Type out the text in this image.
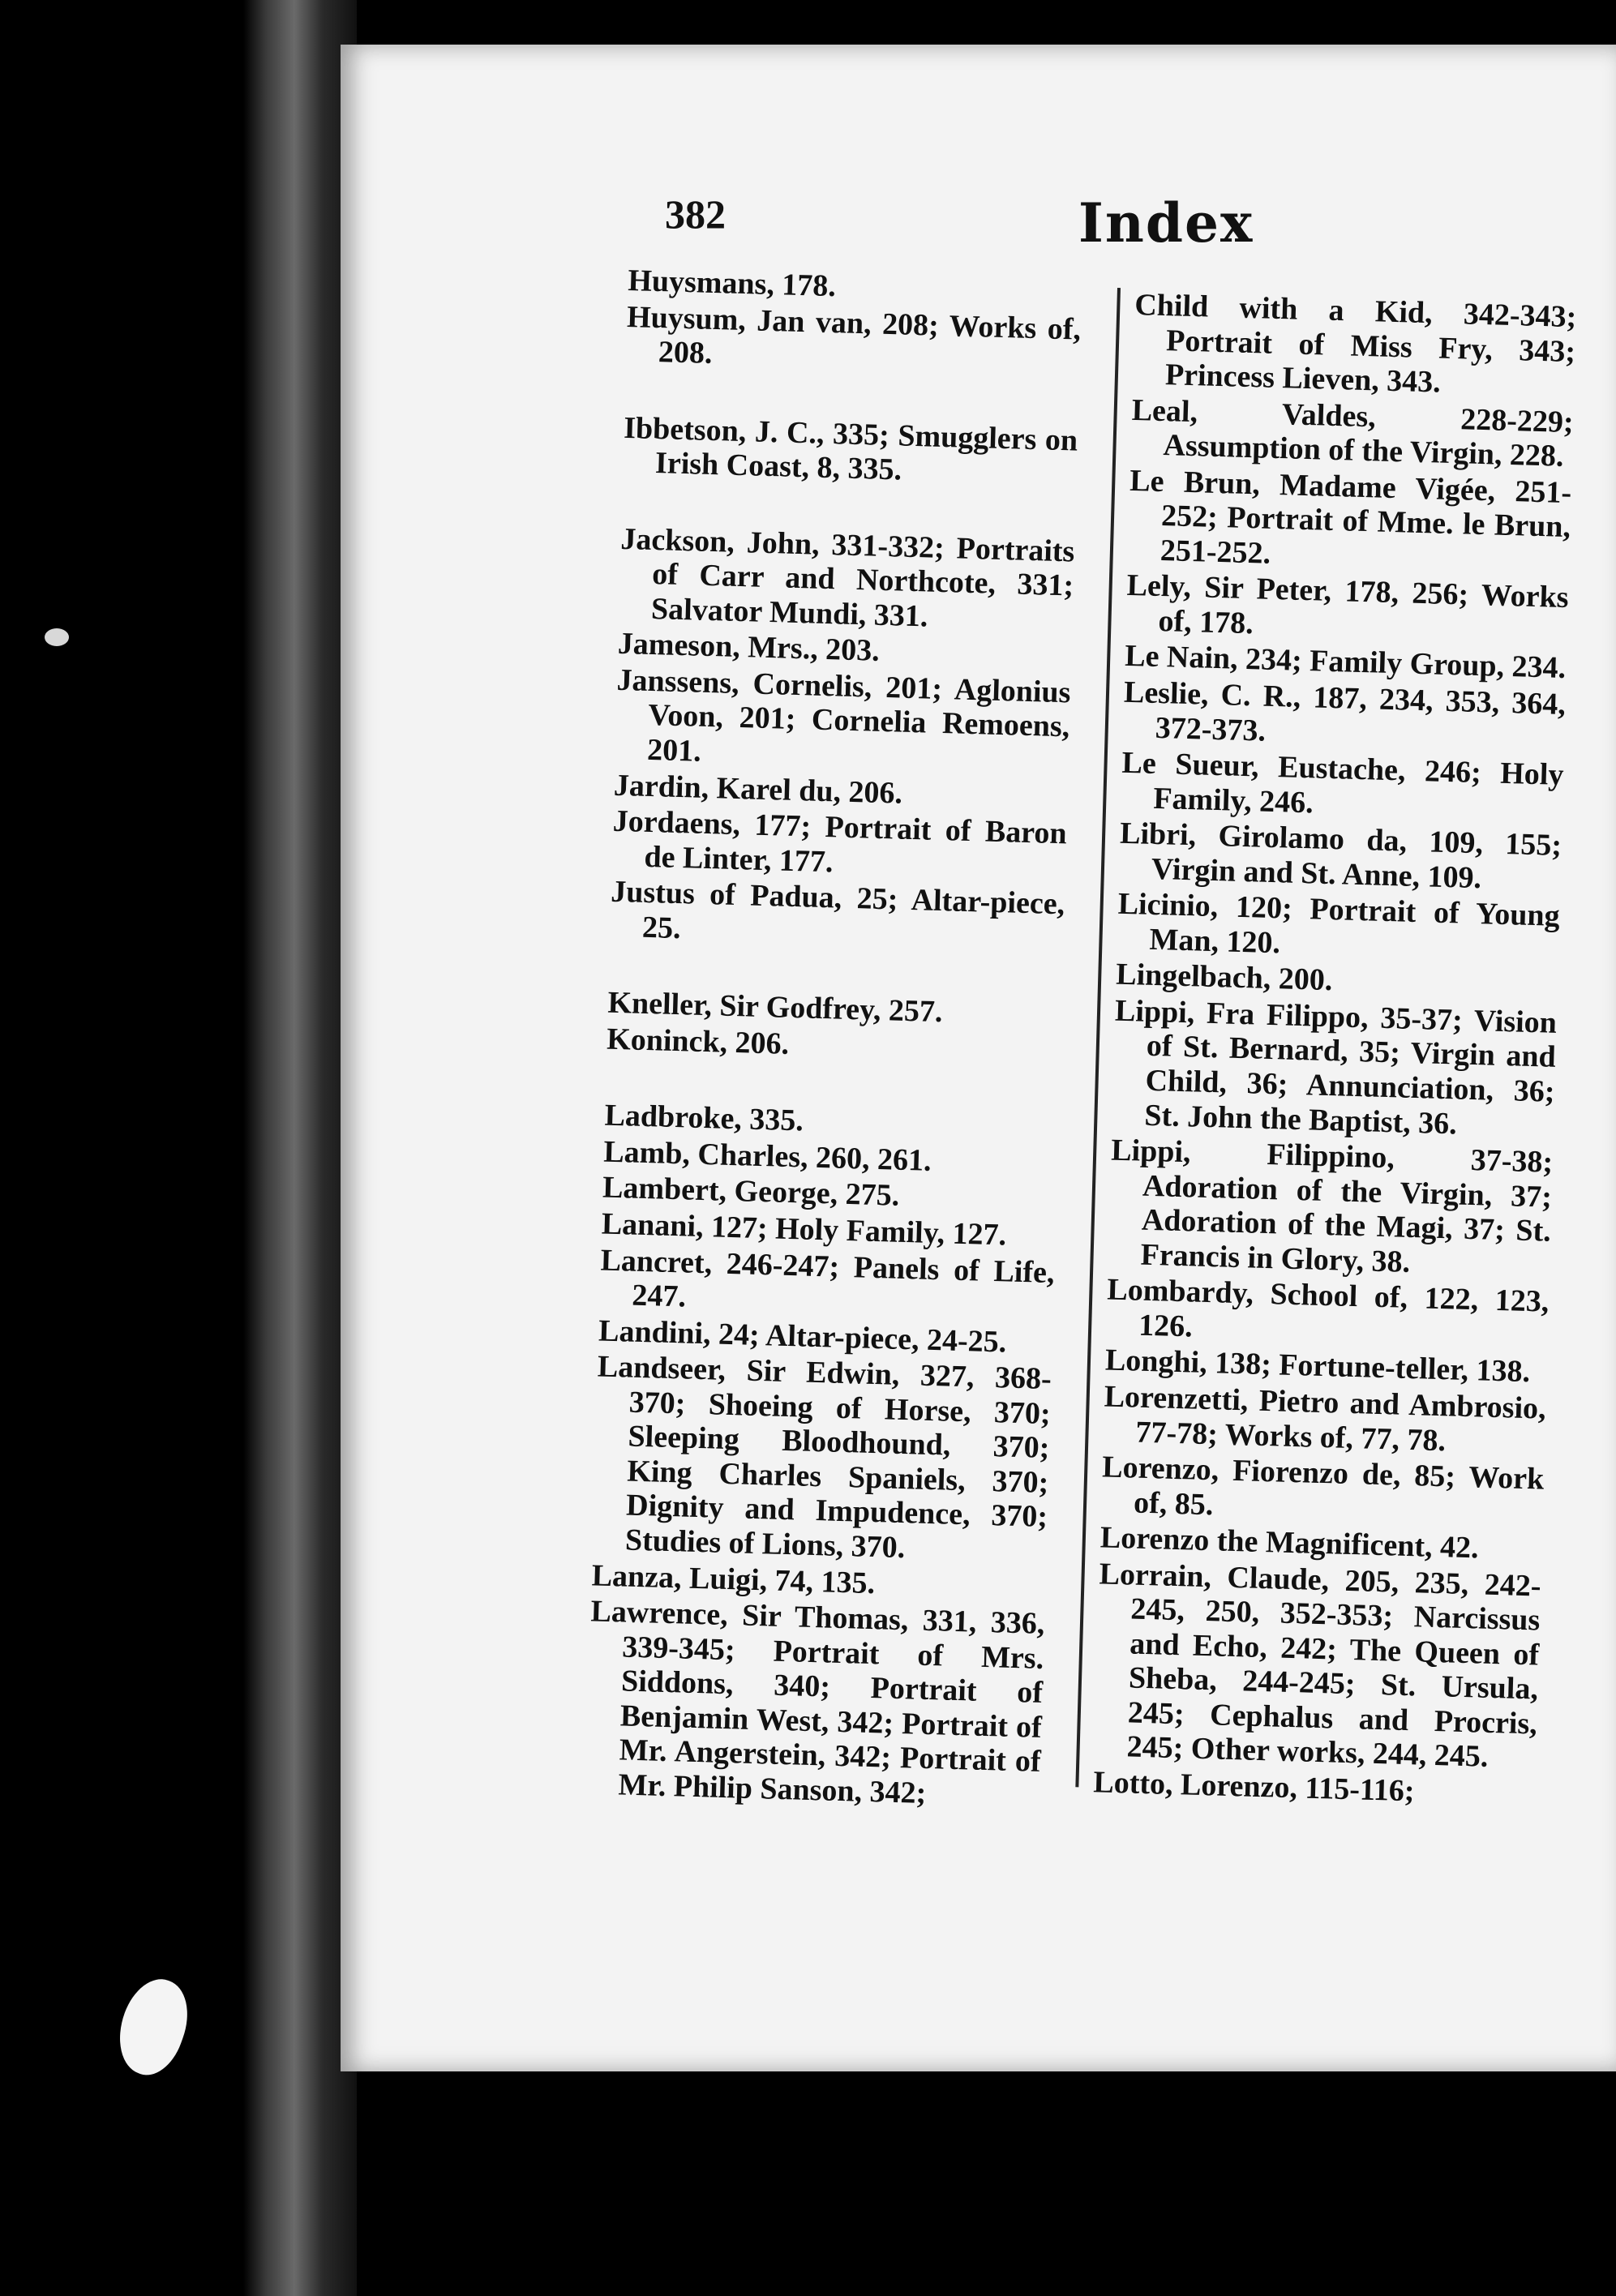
382	Index

Huysmans, 178.

Huysum, Jan van, 208; Works of, 208.

Ibbetson, J. C., 335; Smugglers on Irish Coast, 8, 335.

Jackson, John, 331-332; Portraits of Carr and Northcote, 331; Salvator Mundi, 331.

Jameson, Mrs., 203.

Janssens, Cornelis, 201; Aglonius Voon, 201; Cornelia Remoens, 201.

Jardin, Karel du, 206.

Jordaens, 177; Portrait of Baron de Linter, 177.

Justus of Padua, 25; Altar-piece, 25.

Kneller, Sir Godfrey, 257.

Koninck, 206.

Ladbroke, 335.

Lamb, Charles, 260, 261.

Lambert, George, 275.

Lanani, 127; Holy Family, 127.

Lancret, 246-247; Panels of Life, 247.

Landini, 24; Altar-piece, 24-25.

Landseer, Sir Edwin, 327, 368-370; Shoeing of Horse, 370; Sleeping Bloodhound, 370; King Charles Spaniels, 370; Dignity and Impudence, 370; Studies of Lions, 370.

Lanza, Luigi, 74, 135.

Lawrence, Sir Thomas, 331, 336, 339-345; Portrait of Mrs. Siddons, 340; Portrait of Benjamin West, 342; Portrait of Mr. Angerstein, 342; Portrait of Mr. Philip Sanson, 342;

Child with a Kid, 342-343; Portrait of Miss Fry, 343; Princess Lieven, 343.

Leal, Valdes, 228-229; Assumption of the Virgin, 228.

Le Brun, Madame Vigée, 251-252; Portrait of Mme. le Brun, 251-252.

Lely, Sir Peter, 178, 256; Works of, 178.

Le Nain, 234; Family Group, 234.

Leslie, C. R., 187, 234, 353, 364, 372-373.

Le Sueur, Eustache, 246; Holy Family, 246.

Libri, Girolamo da, 109, 155; Virgin and St. Anne, 109.

Licinio, 120; Portrait of Young Man, 120.

Lingelbach, 200.

Lippi, Fra Filippo, 35-37; Vision of St. Bernard, 35; Virgin and Child, 36; Annunciation, 36; St. John the Baptist, 36.

Lippi, Filippino, 37-38; Adoration of the Virgin, 37; Adoration of the Magi, 37; St. Francis in Glory, 38.

Lombardy, School of, 122, 123, 126.

Longhi, 138; Fortune-teller, 138.

Lorenzetti, Pietro and Ambrosio, 77-78; Works of, 77, 78.

Lorenzo, Fiorenzo de, 85; Work of, 85.

Lorenzo the Magnificent, 42.

Lorrain, Claude, 205, 235, 242-245, 250, 352-353; Narcissus and Echo, 242; The Queen of Sheba, 244-245; St. Ursula, 245; Cephalus and Procris, 245; Other works, 244, 245.

Lotto, Lorenzo, 115-116;
